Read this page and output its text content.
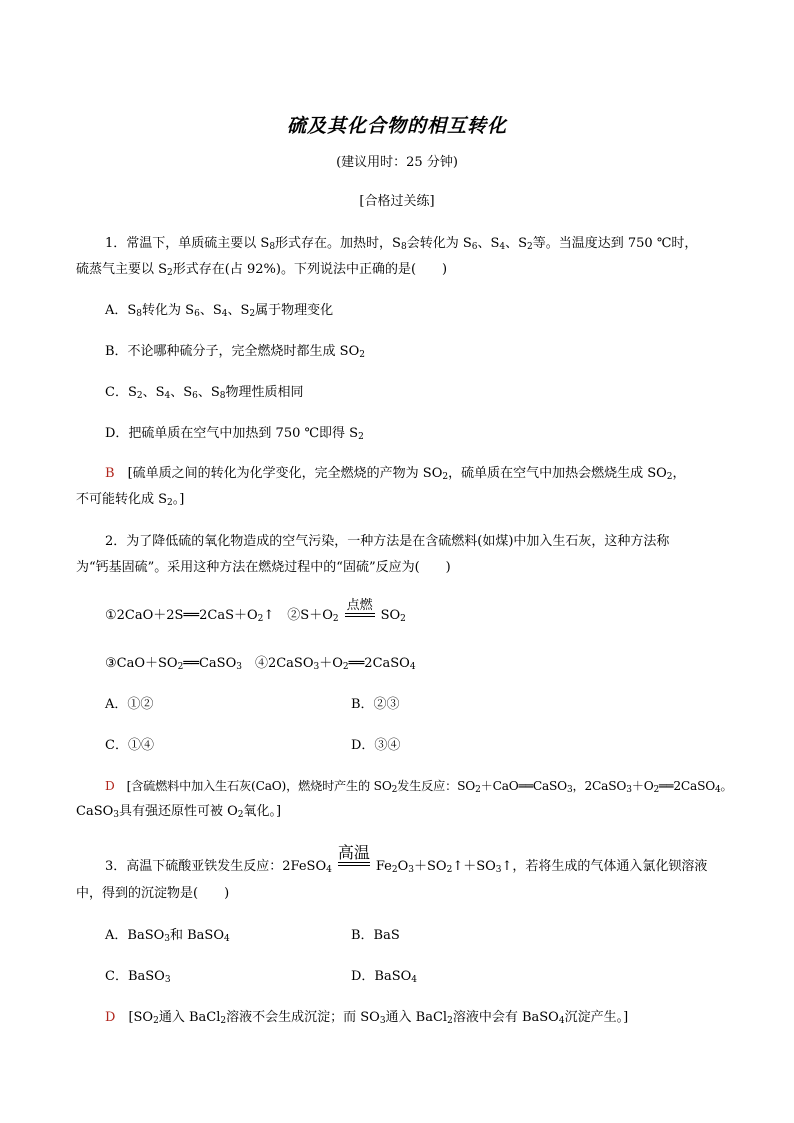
硫及其化合物的相互转化
(建议用时：25 分钟)
[合格过关练]
1．常温下，单质硫主要以 $S_8$形式存在。加热时，$S_8$会转化为 $S_6$、$S_4$、$S_2$等。当温度达到 750 ℃时，
硫蒸气主要以 $S_2$形式存在(占 92%)。下列说法中正确的是(　　)
A．$S_8$转化为 $S_6$、$S_4$、$S_2$属于物理变化
B．不论哪种硫分子，完全燃烧时都生成 $SO_2$
C．$S_2$、$S_4$、$S_6$、$S_8$物理性质相同
D．把硫单质在空气中加热到 750 ℃即得 $S_2$
B　 [硫单质之间的转化为化学变化，完全燃烧的产物为 $SO_2$，硫单质在空气中加热会燃烧生成 $SO_2$，
不可能转化成 $S_2$。]
2．为了降低硫的氧化物造成的空气污染，一种方法是在含硫燃料(如煤)中加入生石灰，这种方法称
为“钙基固硫”。采用这种方法在燃烧过程中的“固硫”反应为(　　)
$①2CaO+2S══2CaS+O_2↑$　$②S+O_2$
点燃
$SO_2$
$③CaO+SO_2══CaSO_3$　$④2CaSO_3+O_2══2CaSO_4$
A．①②	B．②③
C．①④	D．③④
D　 [含硫燃料中加入生石灰(CaO)，燃烧时产生的 $SO_2$发生反应：$SO_2+CaO══CaSO_3$，$2CaSO_3+O_2══2CaSO_4$。
CaSO$_3$具有强还原性可被 $O_2$氧化。]
3．高温下硫酸亚铁发生反应：2FeSO$_4$
高温
$Fe_2O_3+SO_2↑+SO_3↑$，若将生成的气体通入氯化钡溶液
中，得到的沉淀物是(　　)
A．BaSO$_3$和 BaSO$_4$	B．BaS
C．BaSO$_3$	D．BaSO$_4$
D　 [$SO_2$通入 BaCl$_2$溶液不会生成沉淀；而 $SO_3$通入 BaCl$_2$溶液中会有 BaSO$_4$沉淀产生。]
